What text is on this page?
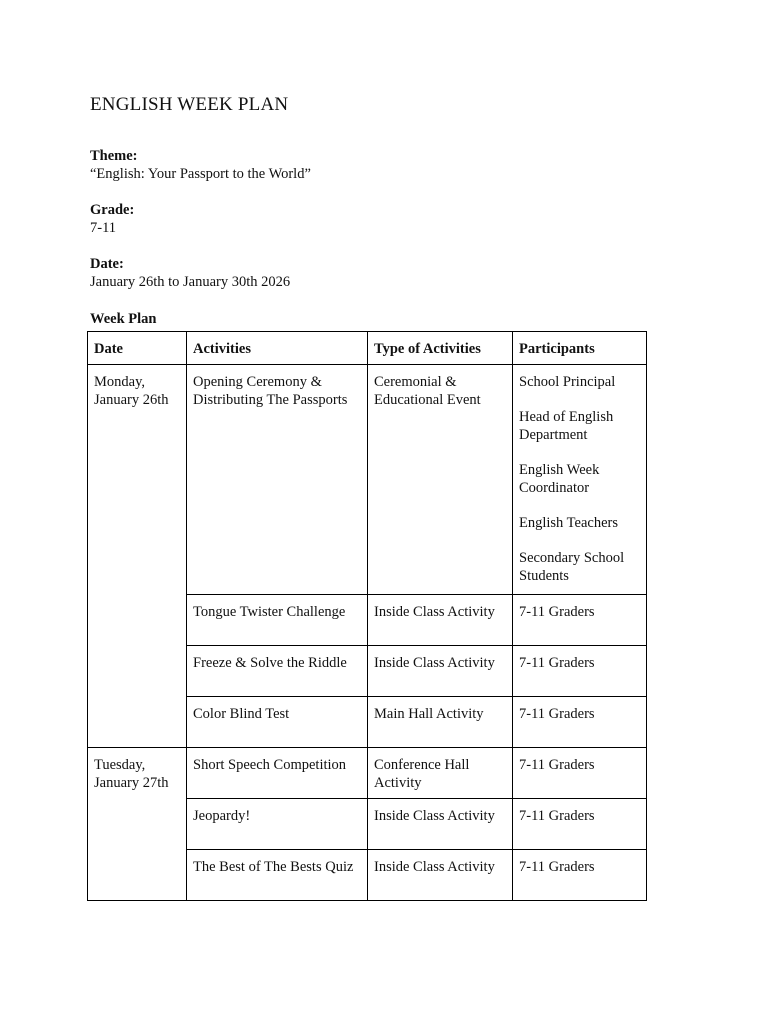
ENGLISH WEEK PLAN
Theme:
“English: Your Passport to the World”
Grade:
7-11
Date:
January 26th to January 30th 2026
Week Plan
Date	Activities	Type of Activities	Participants
Monday, January 26th	Opening Ceremony & Distributing The Passports	Ceremonial & Educational Event	School Principal
Head of English Department
English Week Coordinator
English Teachers
Secondary School Students

	Tongue Twister Challenge	Inside Class Activity	7-11 Graders
	Freeze & Solve the Riddle	Inside Class Activity	7-11 Graders
	Color Blind Test	Main Hall Activity	7-11 Graders
Tuesday, January 27th	Short Speech Competition	Conference Hall Activity	7-11 Graders
	Jeopardy!	Inside Class Activity	7-11 Graders
	The Best of The Bests Quiz	Inside Class Activity	7-11 Graders
